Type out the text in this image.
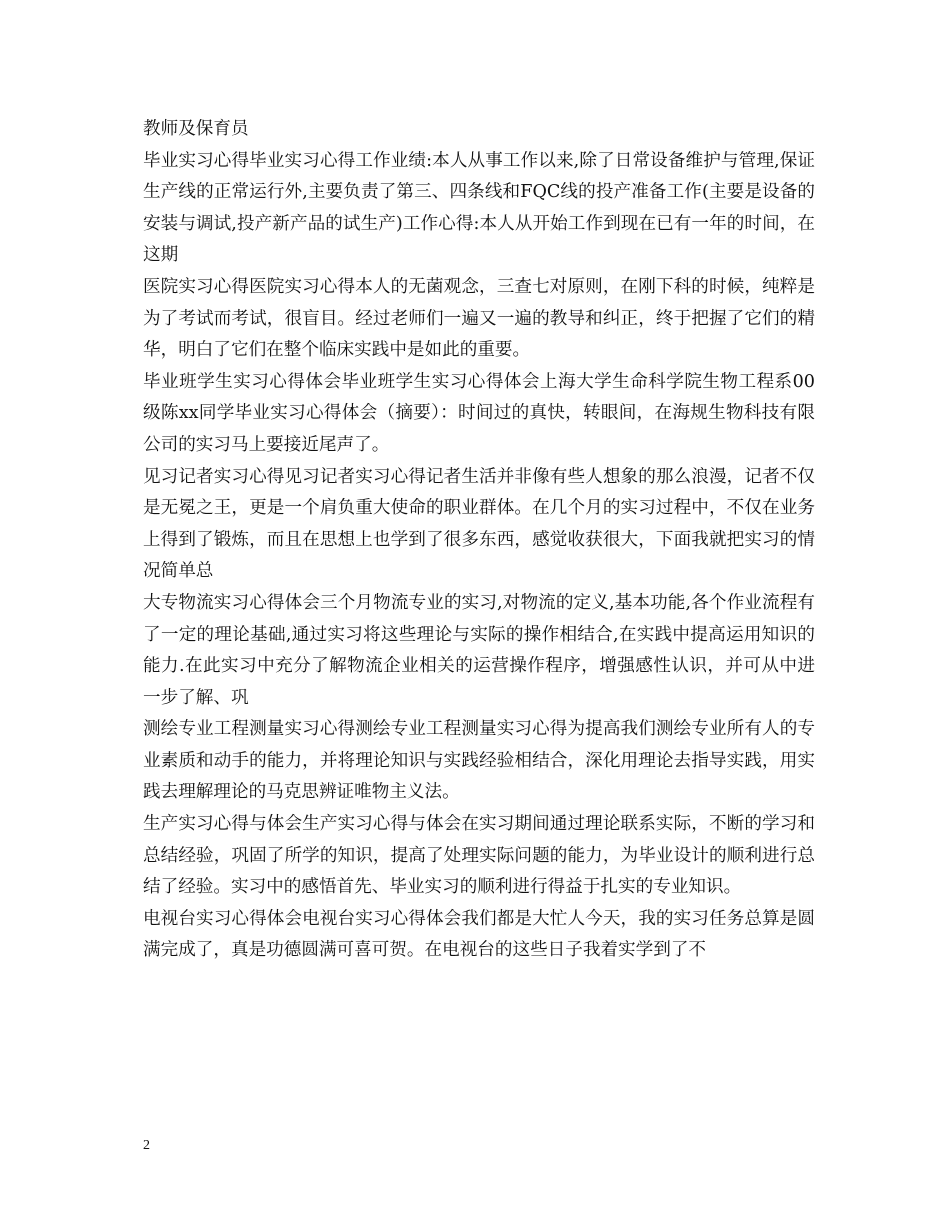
教师及保育员

毕业实习心得毕业实习心得工作业绩:本人从事工作以来,除了日常设备维护与管理,保证生产线的正常运行外,主要负责了第三、四条线和FQC线的投产准备工作(主要是设备的安装与调试,投产新产品的试生产)工作心得:本人从开始工作到现在已有一年的时间，在这期

医院实习心得医院实习心得本人的无菌观念，三查七对原则，在刚下科的时候，纯粹是为了考试而考试，很盲目。经过老师们一遍又一遍的教导和纠正，终于把握了它们的精华，明白了它们在整个临床实践中是如此的重要。

毕业班学生实习心得体会毕业班学生实习心得体会上海大学生命科学院生物工程系00级陈xx同学毕业实习心得体会（摘要）：时间过的真快，转眼间，在海规生物科技有限公司的实习马上要接近尾声了。

见习记者实习心得见习记者实习心得记者生活并非像有些人想象的那么浪漫，记者不仅是无冕之王，更是一个肩负重大使命的职业群体。在几个月的实习过程中，不仅在业务上得到了锻炼，而且在思想上也学到了很多东西，感觉收获很大，下面我就把实习的情况简单总

大专物流实习心得体会三个月物流专业的实习,对物流的定义,基本功能,各个作业流程有了一定的理论基础,通过实习将这些理论与实际的操作相结合,在实践中提高运用知识的能力.在此实习中充分了解物流企业相关的运营操作程序，增强感性认识，并可从中进一步了解、巩

测绘专业工程测量实习心得测绘专业工程测量实习心得为提高我们测绘专业所有人的专业素质和动手的能力，并将理论知识与实践经验相结合，深化用理论去指导实践，用实践去理解理论的马克思辨证唯物主义法。

生产实习心得与体会生产实习心得与体会在实习期间通过理论联系实际，不断的学习和总结经验，巩固了所学的知识，提高了处理实际问题的能力，为毕业设计的顺利进行总结了经验。实习中的感悟首先、毕业实习的顺利进行得益于扎实的专业知识。

电视台实习心得体会电视台实习心得体会我们都是大忙人今天，我的实习任务总算是圆满完成了，真是功德圆满可喜可贺。在电视台的这些日子我着实学到了不

2
